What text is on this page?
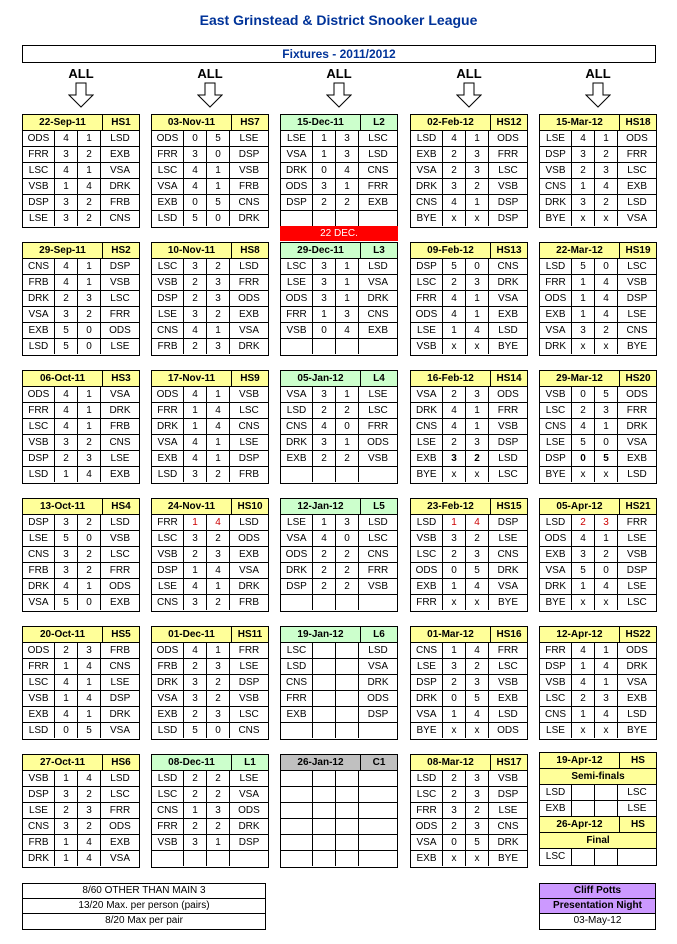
East Grinstead & District Snooker League
Fixtures - 2011/2012
ALL	ALL	ALL	ALL	ALL
22-Sep-11	HS1
ODS	4	1	LSD
FRR	3	2	EXB
LSC	4	1	VSA
VSB	1	4	DRK
DSP	3	2	FRB
LSE	3	2	CNS
29-Sep-11	HS2
CNS	4	1	DSP
FRB	4	1	VSB
DRK	2	3	LSC
VSA	3	2	FRR
EXB	5	0	ODS
LSD	5	0	LSE
06-Oct-11	HS3
ODS	4	1	VSA
FRR	4	1	DRK
LSC	4	1	FRB
VSB	3	2	CNS
DSP	2	3	LSE
LSD	1	4	EXB
13-Oct-11	HS4
DSP	3	2	LSD
LSE	5	0	VSB
CNS	3	2	LSC
FRB	3	2	FRR
DRK	4	1	ODS
VSA	5	0	EXB
20-Oct-11	HS5
ODS	2	3	FRB
FRR	1	4	CNS
LSC	4	1	LSE
VSB	1	4	DSP
EXB	4	1	DRK
LSD	0	5	VSA
27-Oct-11	HS6
VSB	1	4	LSD
DSP	3	2	LSC
LSE	2	3	FRR
CNS	3	2	ODS
FRB	1	4	EXB
DRK	1	4	VSA
03-Nov-11	HS7
ODS	0	5	LSE
FRR	3	0	DSP
LSC	4	1	VSB
VSA	4	1	FRB
EXB	0	5	CNS
LSD	5	0	DRK
10-Nov-11	HS8
LSC	3	2	LSD
VSB	2	3	FRR
DSP	2	3	ODS
LSE	3	2	EXB
CNS	4	1	VSA
FRB	2	3	DRK
17-Nov-11	HS9
ODS	4	1	VSB
FRR	1	4	LSC
DRK	1	4	CNS
VSA	4	1	LSE
EXB	4	1	DSP
LSD	3	2	FRB
24-Nov-11	HS10
FRR	1	4	LSD
LSC	3	2	ODS
VSB	2	3	EXB
DSP	1	4	VSA
LSE	4	1	DRK
CNS	3	2	FRB
01-Dec-11	HS11
ODS	4	1	FRR
FRB	2	3	LSE
DRK	3	2	DSP
VSA	3	2	VSB
EXB	2	3	LSC
LSD	5	0	CNS
08-Dec-11	L1
LSD	2	2	LSE
LSC	2	2	VSA
CNS	1	3	ODS
FRR	2	2	DRK
VSB	3	1	DSP
15-Dec-11	L2
LSE	1	3	LSC
VSA	1	3	LSD
DRK	0	4	CNS
ODS	3	1	FRR
DSP	2	2	EXB
29-Dec-11	L3
LSC	3	1	LSD
LSE	3	1	VSA
ODS	3	1	DRK
FRR	1	3	CNS
VSB	0	4	EXB
05-Jan-12	L4
VSA	3	1	LSE
LSD	2	2	LSC
CNS	4	0	FRR
DRK	3	1	ODS
EXB	2	2	VSB
12-Jan-12	L5
LSE	1	3	LSD
VSA	4	0	LSC
ODS	2	2	CNS
DRK	2	2	FRR
DSP	2	2	VSB
19-Jan-12	L6
LSC	LSD
LSD	VSA
CNS	DRK
FRR	ODS
EXB	DSP
26-Jan-12	C1
02-Feb-12	HS12
LSD	4	1	ODS
EXB	2	3	FRR
VSA	2	3	LSC
DRK	3	2	VSB
CNS	4	1	DSP
BYE	x	x	DSP
09-Feb-12	HS13
DSP	5	0	CNS
LSC	2	3	DRK
FRR	4	1	VSA
ODS	4	1	EXB
LSE	1	4	LSD
VSB	x	x	BYE
16-Feb-12	HS14
VSA	2	3	ODS
DRK	4	1	FRR
CNS	4	1	VSB
LSE	2	3	DSP
EXB	3	2	LSD
BYE	x	x	LSC
23-Feb-12	HS15
LSD	1	4	DSP
VSB	3	2	LSE
LSC	2	3	CNS
ODS	0	5	DRK
EXB	1	4	VSA
FRR	x	x	BYE
01-Mar-12	HS16
CNS	1	4	FRR
LSE	3	2	LSC
DSP	2	3	VSB
DRK	0	5	EXB
VSA	1	4	LSD
BYE	x	x	ODS
08-Mar-12	HS17
LSD	2	3	VSB
LSC	2	3	DSP
FRR	3	2	LSE
ODS	2	3	CNS
VSA	0	5	DRK
EXB	x	x	BYE
15-Mar-12	HS18
LSE	4	1	ODS
DSP	3	2	FRR
VSB	2	3	LSC
CNS	1	4	EXB
DRK	3	2	LSD
BYE	x	x	VSA
22-Mar-12	HS19
LSD	5	0	LSC
FRR	1	4	VSB
ODS	1	4	DSP
EXB	1	4	LSE
VSA	3	2	CNS
DRK	x	x	BYE
29-Mar-12	HS20
VSB	0	5	ODS
LSC	2	3	FRR
CNS	4	1	DRK
LSE	5	0	VSA
DSP	0	5	EXB
BYE	x	x	LSD
05-Apr-12	HS21
LSD	2	3	FRR
ODS	4	1	LSE
EXB	3	2	VSB
VSA	5	0	DSP
DRK	1	4	LSE
BYE	x	x	LSC
12-Apr-12	HS22
FRR	4	1	ODS
DSP	1	4	DRK
VSB	4	1	VSA
LSC	2	3	EXB
CNS	1	4	LSD
LSE	x	x	BYE
22 DEC.
19-Apr-12	HS
Semi-finals
LSD	LSC
EXB	LSE
26-Apr-12	HS
Final
LSC
8/60 OTHER THAN MAIN 3
13/20 Max. per person (pairs)
8/20 Max per pair
Cliff Potts
Presentation Night
03-May-12
